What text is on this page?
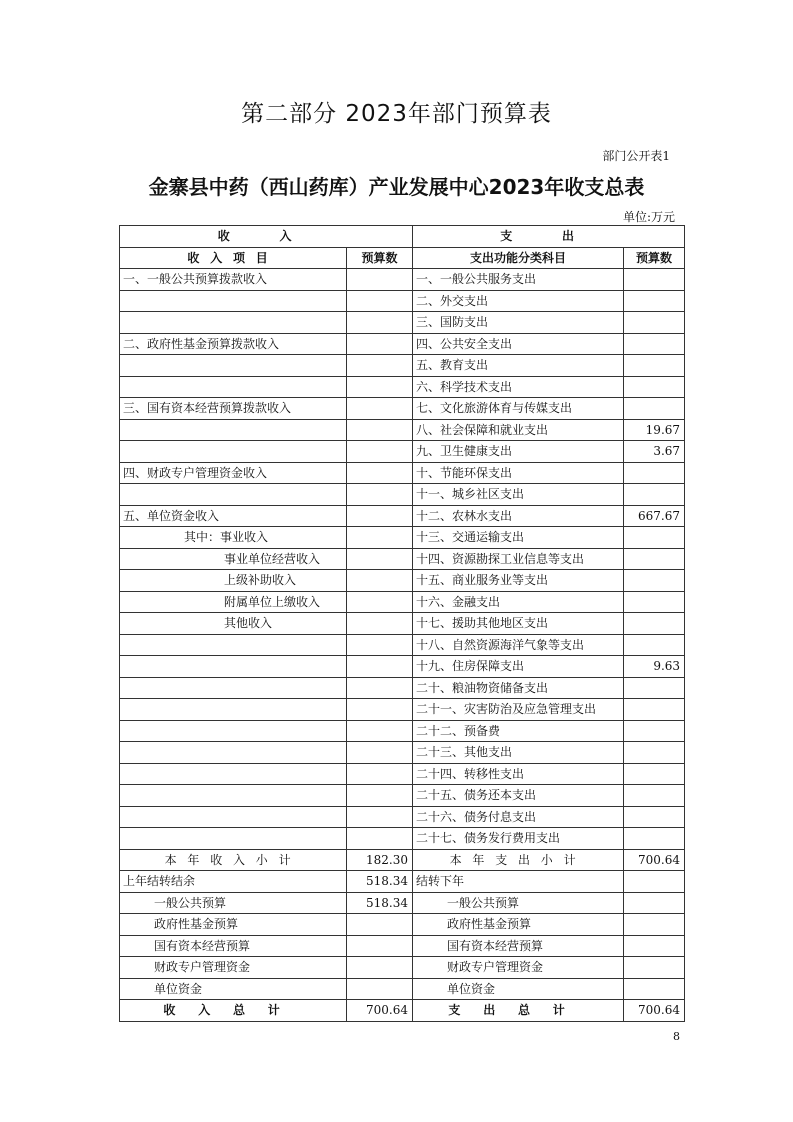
第二部分 2023年部门预算表
部门公开表1
金寨县中药（西山药库）产业发展中心2023年收支总表
单位:万元
收 入		支 出	
收入项目	预算数	支出功能分类科目	预算数
一、一般公共预算拨款收入		一、一般公共服务支出	
		二、外交支出	
		三、国防支出	
二、政府性基金预算拨款收入		四、公共安全支出	
		五、教育支出	
		六、科学技术支出	
三、国有资本经营预算拨款收入		七、文化旅游体育与传媒支出	
		八、社会保障和就业支出	19.67
		九、卫生健康支出	3.67
四、财政专户管理资金收入		十、节能环保支出	
		十一、城乡社区支出	
五、单位资金收入		十二、农林水支出	667.67
其中：事业收入		十三、交通运输支出	
事业单位经营收入		十四、资源勘探工业信息等支出	
上级补助收入		十五、商业服务业等支出	
附属单位上缴收入		十六、金融支出	
其他收入		十七、援助其他地区支出	
		十八、自然资源海洋气象等支出	
		十九、住房保障支出	9.63
		二十、粮油物资储备支出	
		二十一、灾害防治及应急管理支出	
		二十二、预备费	
		二十三、其他支出	
		二十四、转移性支出	
		二十五、债务还本支出	
		二十六、债务付息支出	
		二十七、债务发行费用支出	
本年收入小计	182.30	本年支出小计	700.64
上年结转结余	518.34	结转下年	
一般公共预算	518.34	一般公共预算	
政府性基金预算		政府性基金预算	
国有资本经营预算		国有资本经营预算	
财政专户管理资金		财政专户管理资金	
单位资金		单位资金	
收入总计	700.64	支出总计	700.64
8
